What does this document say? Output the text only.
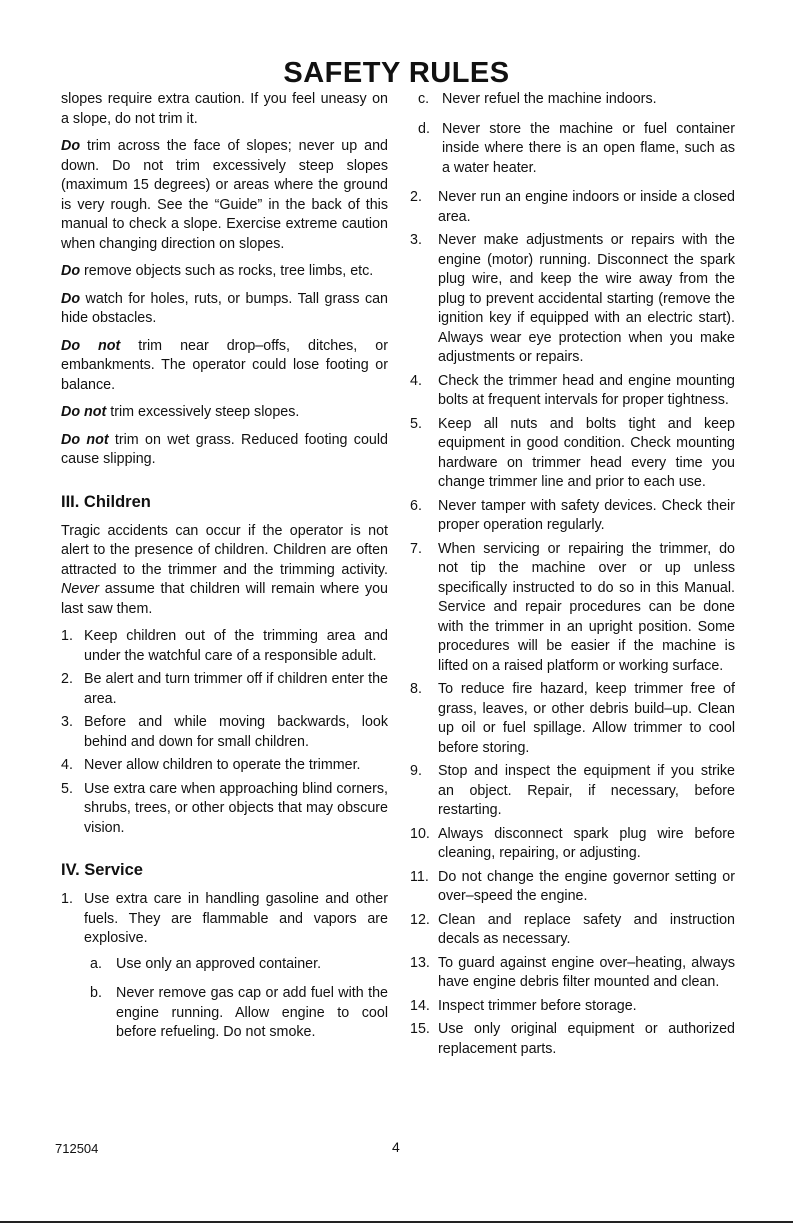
SAFETY RULES

slopes require extra caution. If you feel uneasy on a slope, do not trim it.

Do trim across the face of slopes; never up and down. Do not trim excessively steep slopes (maximum 15 degrees) or areas where the ground is very rough. See the “Guide” in the back of this manual to check a slope. Exercise extreme caution when changing direction on slopes.

Do remove objects such as rocks, tree limbs, etc.

Do watch for holes, ruts, or bumps. Tall grass can hide obstacles.

Do not trim near drop–offs, ditches, or embankments. The operator could lose footing or balance.

Do not trim excessively steep slopes.

Do not trim on wet grass. Reduced footing could cause slipping.

III. Children

Tragic accidents can occur if the operator is not alert to the presence of children. Children are often attracted to the trimmer and the trimming activity. Never assume that children will remain where you last saw them.

1. Keep children out of the trimming area and under the watchful care of a responsible adult.
2. Be alert and turn trimmer off if children enter the area.
3. Before and while moving backwards, look behind and down for small children.
4. Never allow children to operate the trimmer.
5. Use extra care when approaching blind corners, shrubs, trees, or other objects that may obscure vision.
IV. Service
1. Use extra care in handling gasoline and other fuels. They are flammable and vapors are explosive.
a. Use only an approved container.
b. Never remove gas cap or add fuel with the engine running. Allow engine to cool before refueling. Do not smoke.
c. Never refuel the machine indoors.
d. Never store the machine or fuel container inside where there is an open flame, such as a water heater.
2. Never run an engine indoors or inside a closed area.
3. Never make adjustments or repairs with the engine (motor) running. Disconnect the spark plug wire, and keep the wire away from the plug to prevent accidental starting (remove the ignition key if equipped with an electric start). Always wear eye protection when you make adjustments or repairs.
4. Check the trimmer head and engine mounting bolts at frequent intervals for proper tightness.
5. Keep all nuts and bolts tight and keep equipment in good condition. Check mounting hardware on trimmer head every time you change trimmer line and prior to each use.
6. Never tamper with safety devices. Check their proper operation regularly.
7. When servicing or repairing the trimmer, do not tip the machine over or up unless specifically instructed to do so in this Manual. Service and repair procedures can be done with the trimmer in an upright position. Some procedures will be easier if the machine is lifted on a raised platform or working surface.
8. To reduce fire hazard, keep trimmer free of grass, leaves, or other debris build–up. Clean up oil or fuel spillage. Allow trimmer to cool before storing.
9. Stop and inspect the equipment if you strike an object. Repair, if necessary, before restarting.
10. Always disconnect spark plug wire before cleaning, repairing, or adjusting.
11. Do not change the engine governor setting or over–speed the engine.
12. Clean and replace safety and instruction decals as necessary.
13. To guard against engine over–heating, always have engine debris filter mounted and clean.
14. Inspect trimmer before storage.
15. Use only original equipment or authorized replacement parts.
712504	4
